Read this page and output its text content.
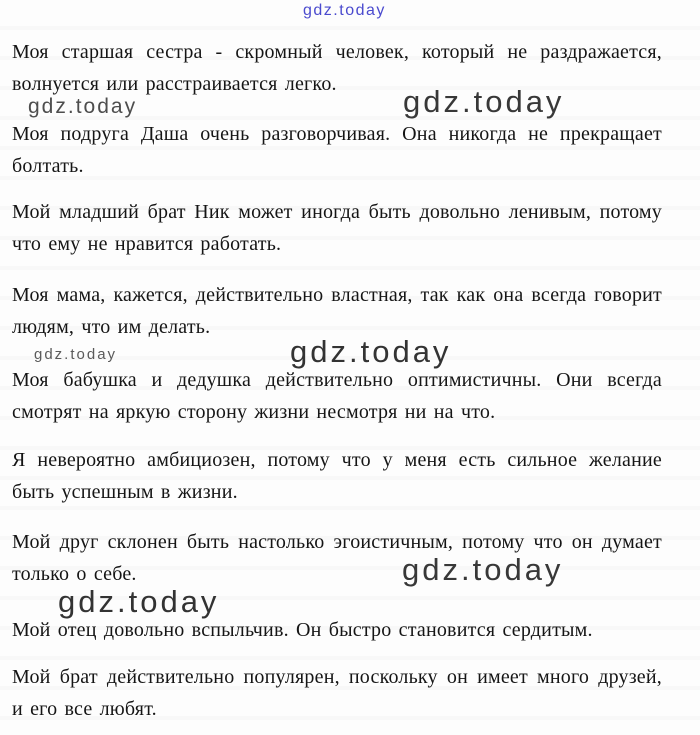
gdz.today
gdz.today	gdz.today
gdz.today	gdz.today
gdz.today
gdz.today
Моя старшая сестра - скромный человек, который не раздражается, волнуется или расстраивается легко.
Моя подруга Даша очень разговорчивая. Она никогда не прекращает болтать.
Мой младший брат Ник может иногда быть довольно ленивым, потому что ему не нравится работать.
Моя мама, кажется, действительно властная, так как она всегда говорит людям, что им делать.
Моя бабушка и дедушка действительно оптимистичны. Они всегда смотрят на яркую сторону жизни несмотря ни на что.
Я невероятно амбициозен, потому что у меня есть сильное желание быть успешным в жизни.
Мой друг склонен быть настолько эгоистичным, потому что он думает только о себе.
Мой отец довольно вспыльчив. Он быстро становится сердитым.
Мой брат действительно популярен, поскольку он имеет много друзей, и его все любят.
